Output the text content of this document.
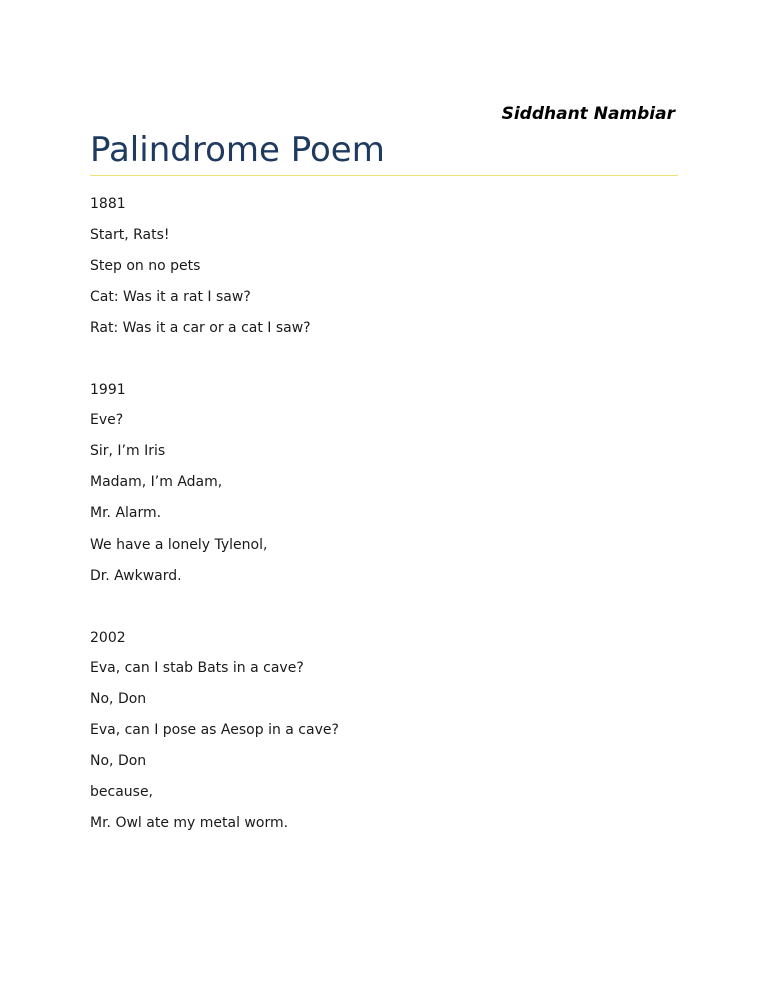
Siddhant Nambiar
Palindrome Poem
1881
Start, Rats!
Step on no pets
Cat: Was it a rat I saw?
Rat: Was it a car or a cat I saw?
1991
Eve?
Sir, I’m Iris
Madam, I’m Adam,
Mr. Alarm.
We have a lonely Tylenol,
Dr. Awkward.
2002
Eva, can I stab Bats in a cave?
No, Don
Eva, can I pose as Aesop in a cave?
No, Don
because,
Mr. Owl ate my metal worm.
